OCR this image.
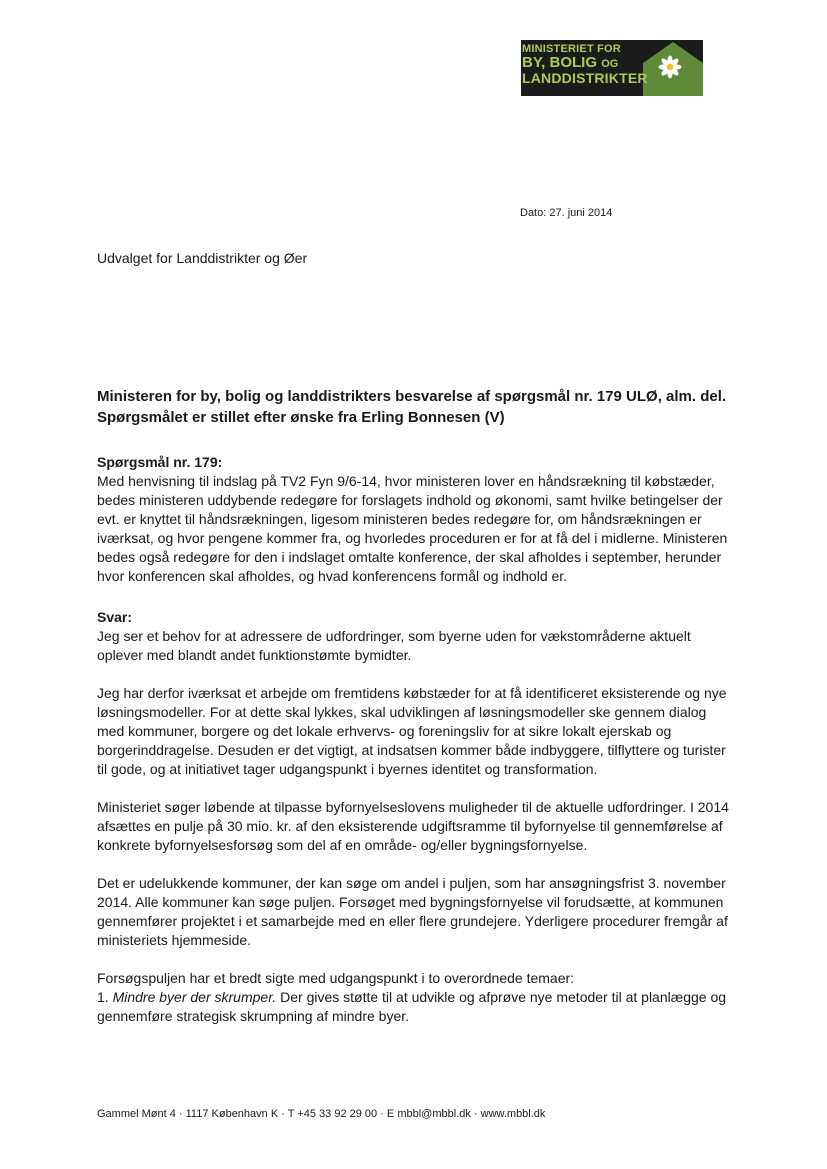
MINISTERIET FOR
BY, BOLIG OG
LANDDISTRIKTER
Dato: 27. juni 2014
Udvalget for Landdistrikter og Øer
Ministeren for by, bolig og landdistrikters besvarelse af spørgsmål nr. 179 ULØ, alm. del. Spørgsmålet er stillet efter ønske fra Erling Bonnesen (V)
Spørgsmål nr. 179:

Med henvisning til indslag på TV2 Fyn 9/6-14, hvor ministeren lover en håndsrækning til købstæder, bedes ministeren uddybende redegøre for forslagets indhold og økonomi, samt hvilke betingelser der evt. er knyttet til håndsrækningen, ligesom ministeren bedes redegøre for, om håndsrækningen er iværksat, og hvor pengene kommer fra, og hvorledes proceduren er for at få del i midlerne. Ministeren bedes også redegøre for den i indslaget omtalte konference, der skal afholdes i september, herunder hvor konferencen skal afholdes, og hvad konferencens formål og indhold er.

Svar:

Jeg ser et behov for at adressere de udfordringer, som byerne uden for vækstområderne aktuelt oplever med blandt andet funktionstømte bymidter.

Jeg har derfor iværksat et arbejde om fremtidens købstæder for at få identificeret eksisterende og nye løsningsmodeller. For at dette skal lykkes, skal udviklingen af løsningsmodeller ske gennem dialog med kommuner, borgere og det lokale erhvervs- og foreningsliv for at sikre lokalt ejerskab og borgerinddragelse. Desuden er det vigtigt, at indsatsen kommer både indbyggere, tilflyttere og turister til gode, og at initiativet tager udgangspunkt i byernes identitet og transformation.

Ministeriet søger løbende at tilpasse byfornyelseslovens muligheder til de aktuelle udfordringer. I 2014 afsættes en pulje på 30 mio. kr. af den eksisterende udgiftsramme til byfornyelse til gennemførelse af konkrete byfornyelsesforsøg som del af en område- og/eller bygningsfornyelse.

Det er udelukkende kommuner, der kan søge om andel i puljen, som har ansøgningsfrist 3. november 2014. Alle kommuner kan søge puljen. Forsøget med bygningsfornyelse vil forudsætte, at kommunen gennemfører projektet i et samarbejde med en eller flere grundejere. Yderligere procedurer fremgår af ministeriets hjemmeside.

Forsøgspuljen har et bredt sigte med udgangspunkt i to overordnede temaer:
1. Mindre byer der skrumper. Der gives støtte til at udvikle og afprøve nye metoder til at planlægge og gennemføre strategisk skrumpning af mindre byer.
Gammel Mønt 4 · 1117 København K · T +45 33 92 29 00 · E mbbl@mbbl.dk · www.mbbl.dk
